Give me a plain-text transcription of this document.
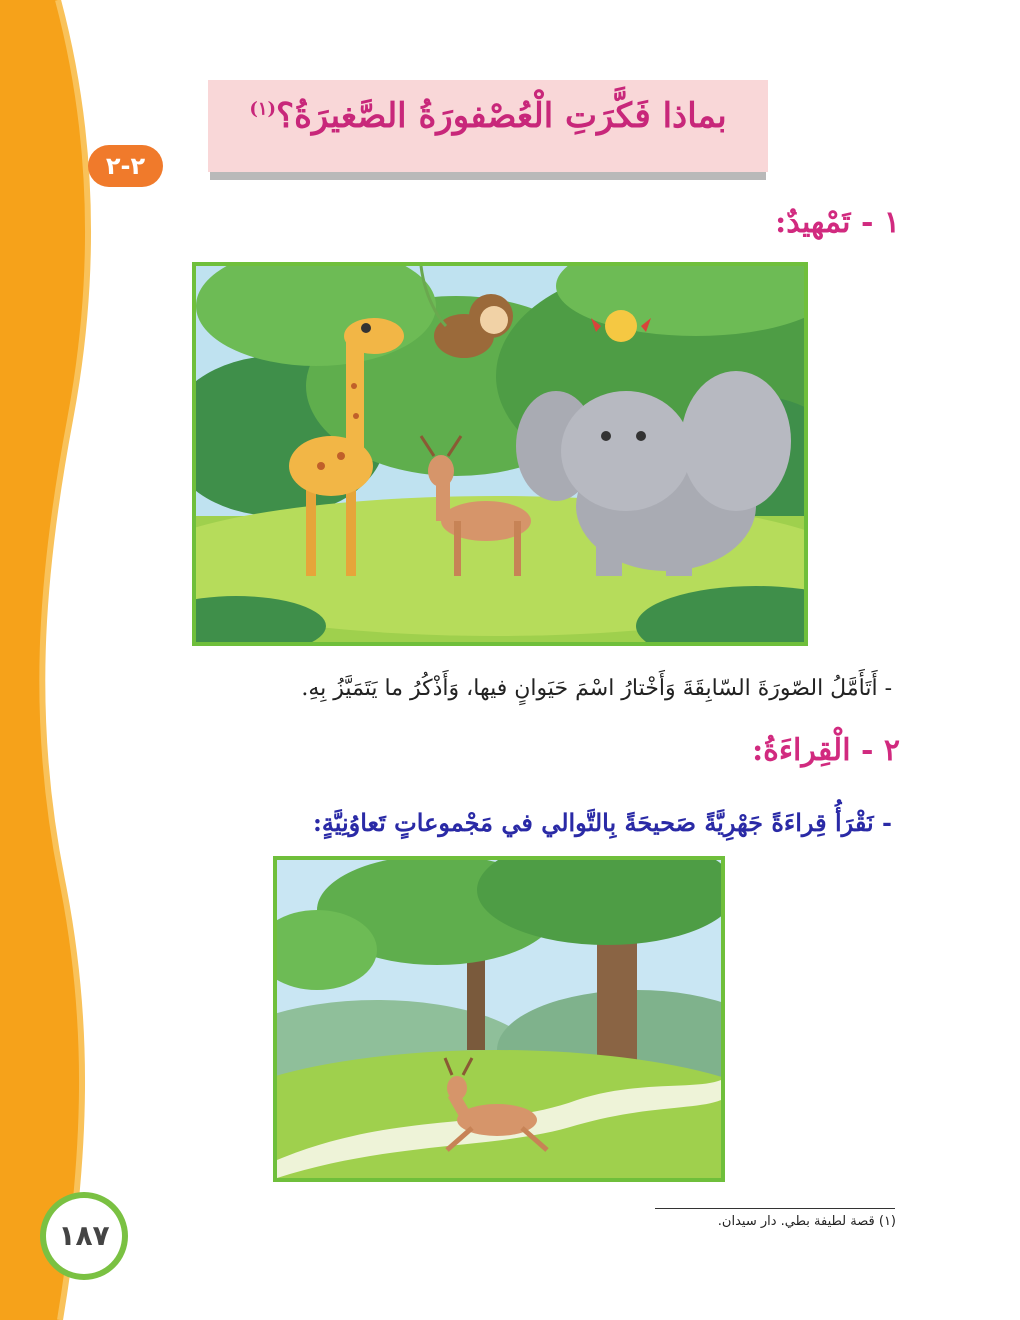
بماذا فَكَّرَتِ الْعُصْفورَةُ الصَّغيرَةُ؟$^{(١)}$
٢-٢
١ - تَمْهيدٌ:
- أَتَأَمَّلُ الصّورَةَ السّابِقَةَ وَأَخْتارُ اسْمَ حَيَوانٍ فيها، وَأَذْكُرُ ما يَتَمَيَّزُ بِهِ.
٢ - الْقِراءَةُ:
- نَقْرَأُ قِراءَةً جَهْرِيَّةً صَحيحَةً بِالتَّوالي في مَجْموعاتٍ تَعاوُنِيَّةٍ:
(١) قصة لطيفة بطي. دار سيدان.
١٨٧
